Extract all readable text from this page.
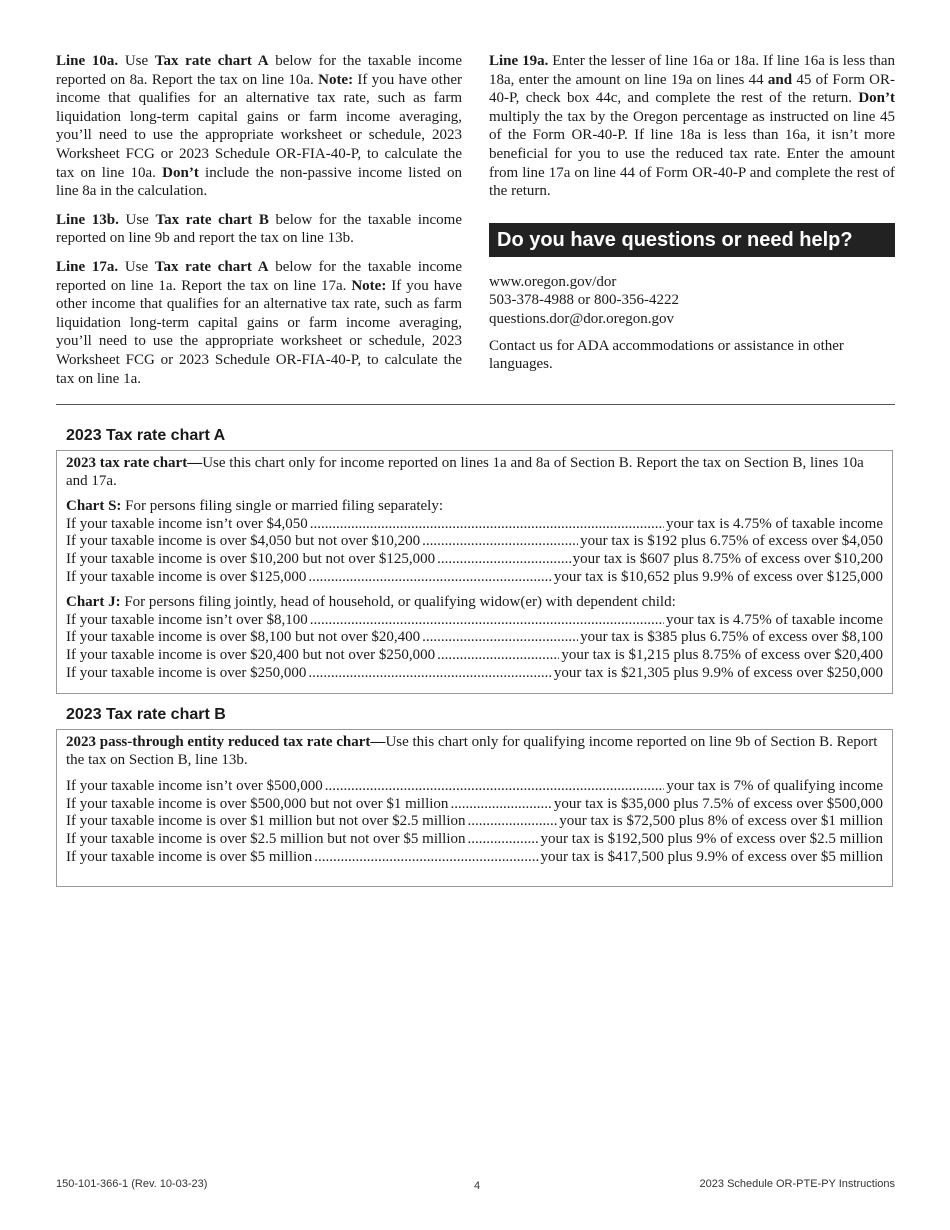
Line 10a. Use Tax rate chart A below for the taxable income reported on 8a. Report the tax on line 10a. Note: If you have other income that qualifies for an alternative tax rate, such as farm liquidation long-term capital gains or farm income averaging, you’ll need to use the appropriate worksheet or schedule, 2023 Worksheet FCG or 2023 Schedule OR-FIA-40-P, to calculate the tax on line 10a. Don’t include the non-passive income listed on line 8a in the calculation.

Line 13b. Use Tax rate chart B below for the taxable income reported on line 9b and report the tax on line 13b.

Line 17a. Use Tax rate chart A below for the taxable income reported on line 1a. Report the tax on line 17a. Note: If you have other income that qualifies for an alternative tax rate, such as farm liquidation long-term capital gains or farm income averaging, you’ll need to use the appropriate worksheet or schedule, 2023 Worksheet FCG or 2023 Schedule OR-FIA-40-P, to calculate the tax on line 1a.

Line 19a. Enter the lesser of line 16a or 18a. If line 16a is less than 18a, enter the amount on line 19a on lines 44 and 45 of Form OR-40-P, check box 44c, and complete the rest of the return. Don’t multiply the tax by the Oregon percentage as instructed on line 45 of the Form OR-40-P. If line 18a is less than 16a, it isn’t more beneficial for you to use the reduced tax rate. Enter the amount from line 17a on line 44 of Form OR-40-P and complete the rest of the return.

Do you have questions or need help?

www.oregon.gov/dor
503-378-4988 or 800-356-4222
questions.dor@dor.oregon.gov

Contact us for ADA accommodations or assistance in other languages.

2023 Tax rate chart A

2023 tax rate chart—Use this chart only for income reported on lines 1a and 8a of Section B. Report the tax on Section B, lines 10a and 17a.

Chart S: For persons filing single or married filing separately:
If your taxable income isn’t over $4,050 .....	your tax is 4.75% of taxable income
If your taxable income is over $4,050 but not over $10,200 .....	your tax is $192 plus 6.75% of excess over $4,050
If your taxable income is over $10,200 but not over $125,000 .....	your tax is $607 plus 8.75% of excess over $10,200
If your taxable income is over $125,000 .....	your tax is $10,652 plus 9.9% of excess over $125,000
Chart J: For persons filing jointly, head of household, or qualifying widow(er) with dependent child:
If your taxable income isn’t over $8,100 .....	your tax is 4.75% of taxable income
If your taxable income is over $8,100 but not over $20,400 .....	your tax is $385 plus 6.75% of excess over $8,100
If your taxable income is over $20,400 but not over $250,000 .....	your tax is $1,215 plus 8.75% of excess over $20,400
If your taxable income is over $250,000 .....	your tax is $21,305 plus 9.9% of excess over $250,000
2023 Tax rate chart B

2023 pass-through entity reduced tax rate chart—Use this chart only for qualifying income reported on line 9b of Section B. Report the tax on Section B, line 13b.

If your taxable income isn’t over $500,000 .....	your tax is 7% of qualifying income
If your taxable income is over $500,000 but not over $1 million .....	your tax is $35,000 plus 7.5% of excess over $500,000
If your taxable income is over $1 million but not over $2.5 million .....	your tax is $72,500 plus 8% of excess over $1 million
If your taxable income is over $2.5 million but not over $5 million .....	your tax is $192,500 plus 9% of excess over $2.5 million
If your taxable income is over $5 million .....	your tax is $417,500 plus 9.9% of excess over $5 million
150-101-366-1 (Rev. 10-03-23)	4	2023 Schedule OR-PTE-PY Instructions
